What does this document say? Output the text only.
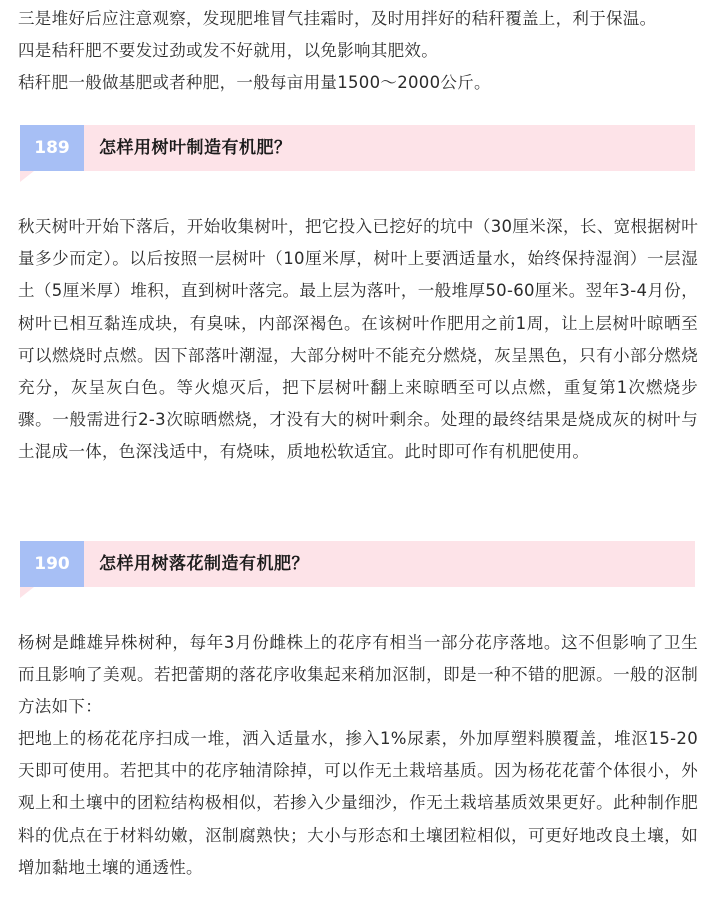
三是堆好后应注意观察，发现肥堆冒气挂霜时，及时用拌好的秸秆覆盖上，利于保温。

四是秸秆肥不要发过劲或发不好就用，以免影响其肥效。

秸秆肥一般做基肥或者种肥，一般每亩用量1500～2000公斤。

189	怎样用树叶制造有机肥？

秋天树叶开始下落后，开始收集树叶，把它投入已挖好的坑中（30厘米深，长、宽根据树叶量多少而定）。以后按照一层树叶（10厘米厚，树叶上要洒适量水，始终保持湿润）一层湿土（5厘米厚）堆积，直到树叶落完。最上层为落叶，一般堆厚50-60厘米。翌年3-4月份，树叶已相互黏连成块，有臭味，内部深褐色。在该树叶作肥用之前1周，让上层树叶晾晒至可以燃烧时点燃。因下部落叶潮湿，大部分树叶不能充分燃烧，灰呈黑色，只有小部分燃烧充分，灰呈灰白色。等火熄灭后，把下层树叶翻上来晾晒至可以点燃，重复第1次燃烧步骤。一般需进行2-3次晾晒燃烧，才没有大的树叶剩余。处理的最终结果是烧成灰的树叶与土混成一体，色深浅适中，有烧味，质地松软适宜。此时即可作有机肥使用。

190	怎样用树落花制造有机肥？

杨树是雌雄异株树种，每年3月份雌株上的花序有相当一部分花序落地。这不但影响了卫生而且影响了美观。若把蕾期的落花序收集起来稍加沤制，即是一种不错的肥源。一般的沤制方法如下：

把地上的杨花花序扫成一堆，洒入适量水，掺入1%尿素，外加厚塑料膜覆盖，堆沤15-20天即可使用。若把其中的花序轴清除掉，可以作无土栽培基质。因为杨花花蕾个体很小，外观上和土壤中的团粒结构极相似，若掺入少量细沙，作无土栽培基质效果更好。此种制作肥料的优点在于材料幼嫩，沤制腐熟快；大小与形态和土壤团粒相似，可更好地改良土壤，如增加黏地土壤的通透性。
